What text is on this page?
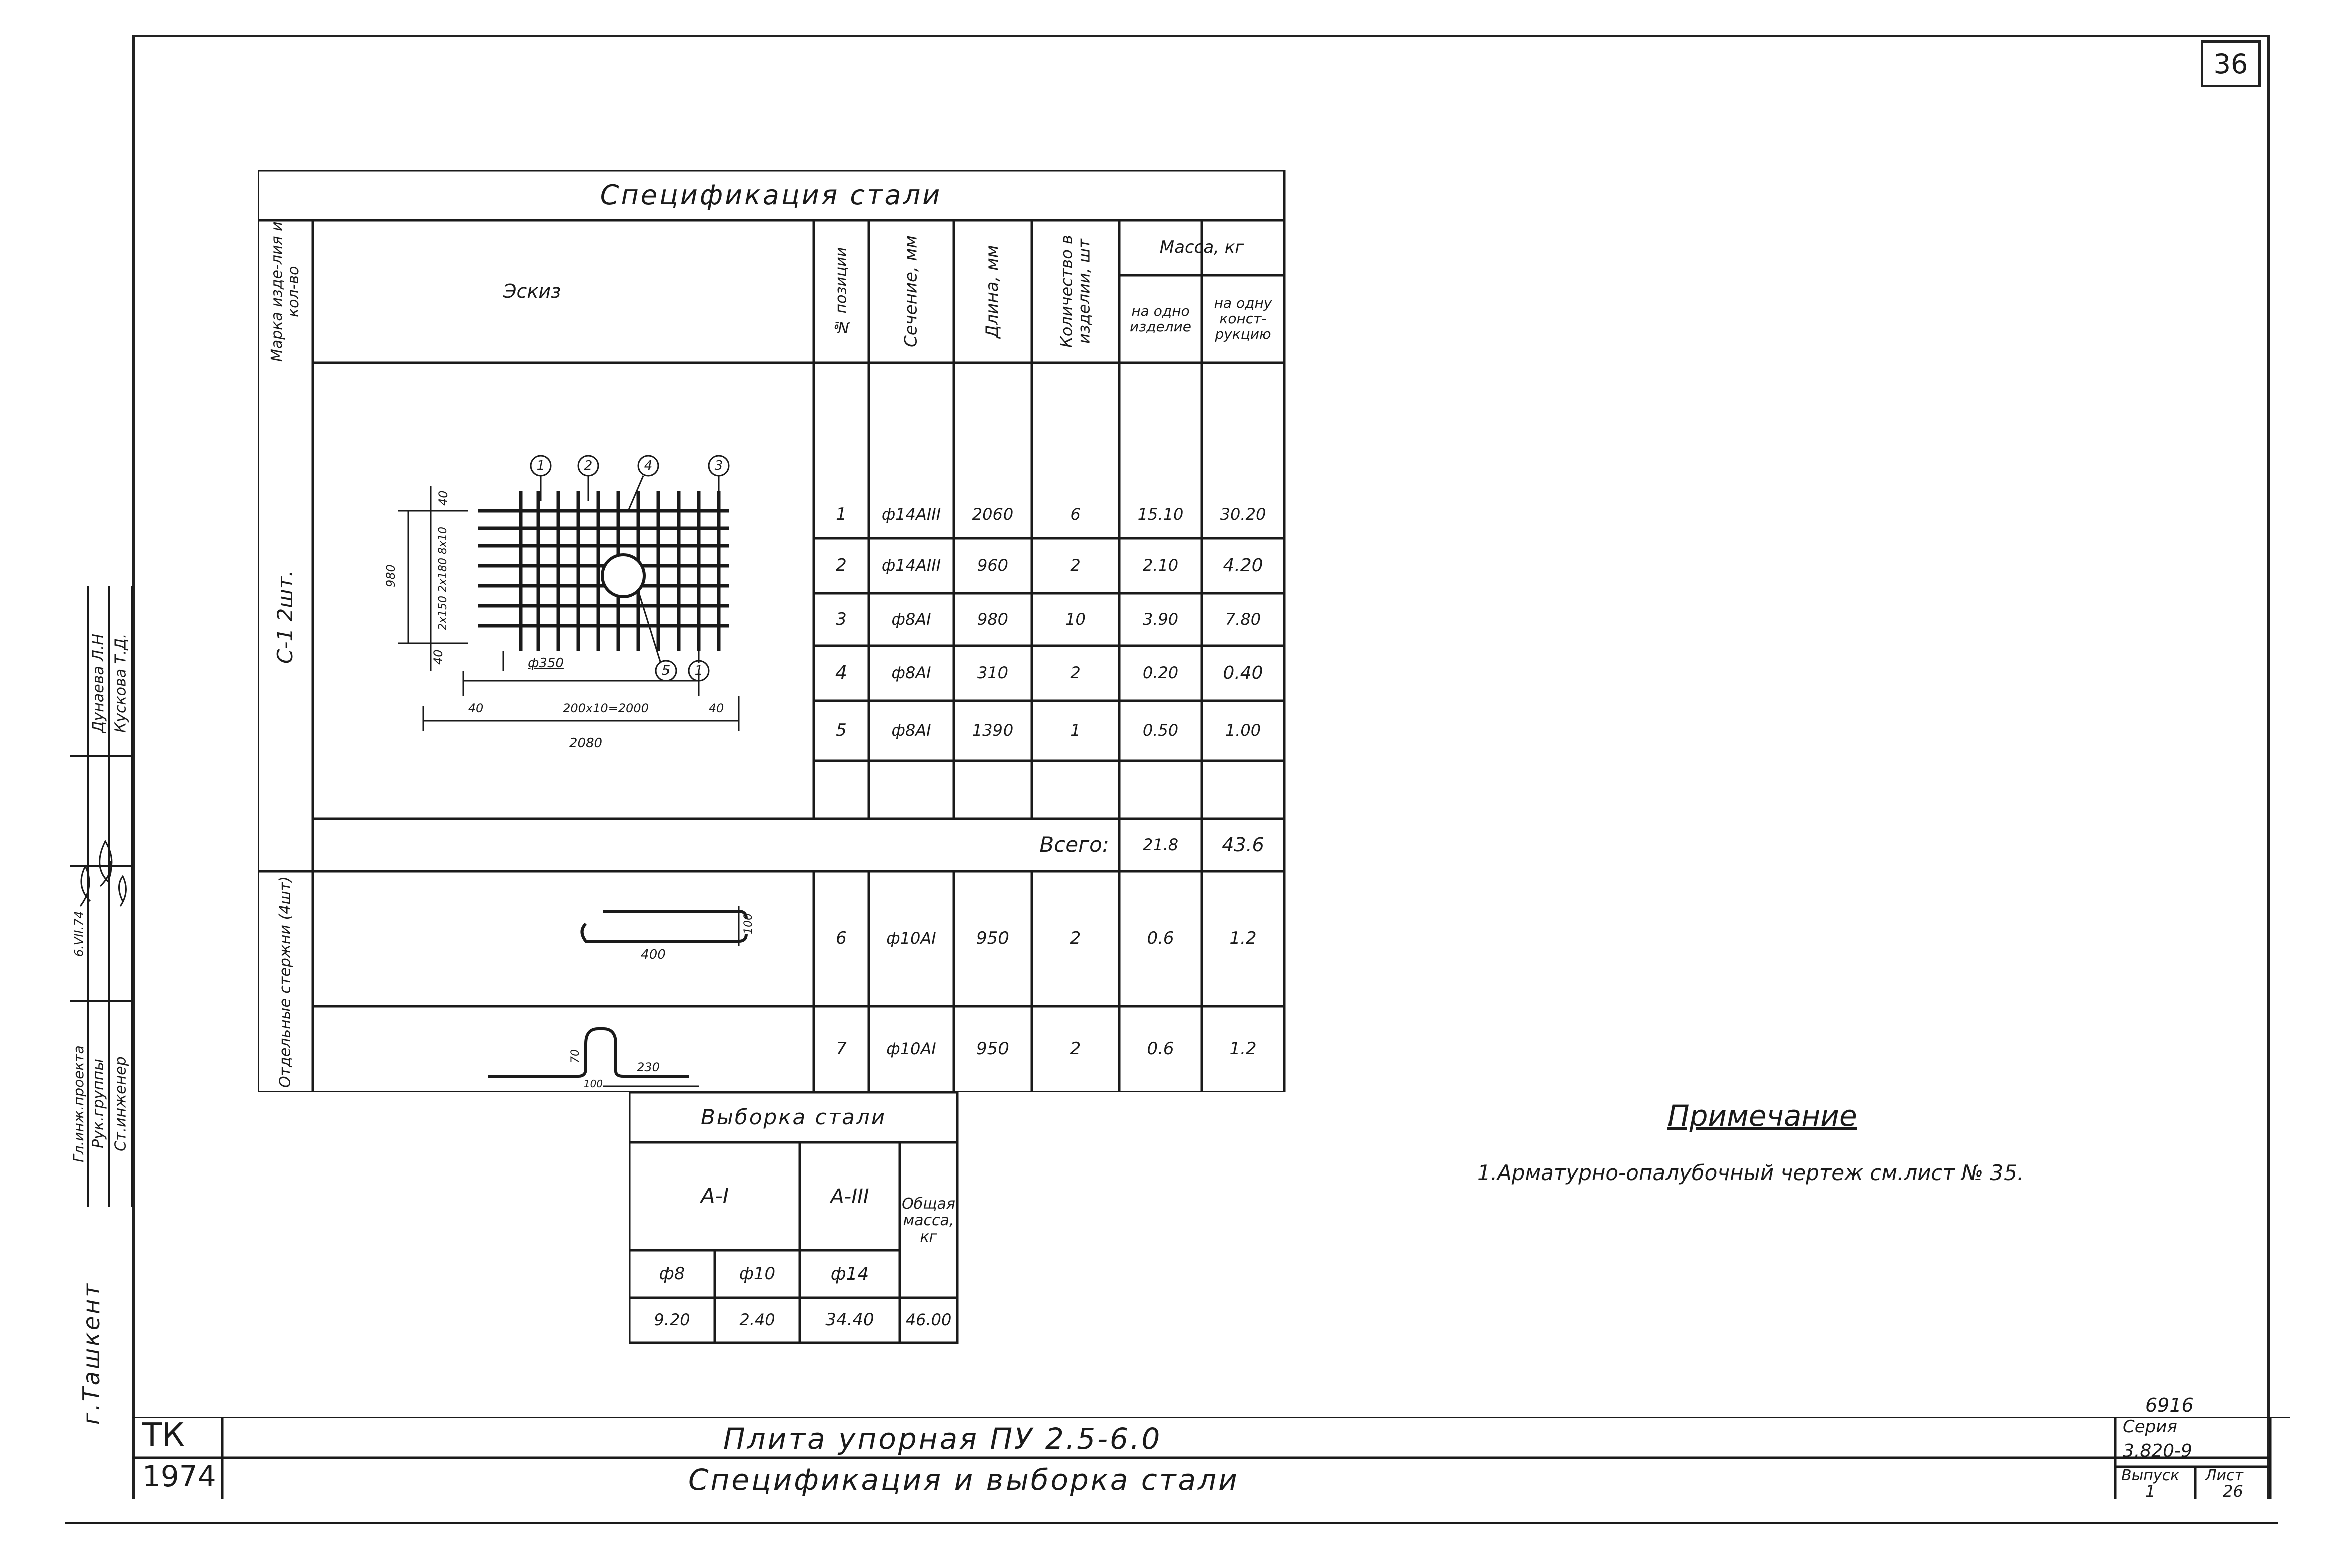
36
Спецификация стали
Марка изде-лия и кол-во	Эскиз	№ позиции	Сечение, мм	Длина, мм	Количество в изделии, шт	Масса, кг
на одно изделие
на одну конст-рукцию
С-1 2шт.
Отдельные стержни (4шт)
1	ф14АIII	2060	6	15.10	30.20
2	ф14АIII	960	2	2.10	4.20
3	ф8АI	980	10	3.90	7.80
4	ф8АI	310	2	0.20	0.40
5	ф8АI	1390	1	0.50	1.00
Всего:	21.8	43.6
6	ф10АI	950	2	0.6	1.2
7	ф10АI	950	2	0.6	1.2
1	2	4	3
5	1
40
980	2х150 2х180 8х10
40	ф350
40	40
200х10=2000
2080
400
100
70
100
230
Выборка стали
А-I	А-III	Общая масса, кг
ф8	ф10	ф14
9.20	2.40	34.40	46.00
Примечание
1.Арматурно-опалубочный чертеж см.лист № 35.
Гл.инж.проекта Рук.группы Ст.инженер
6.VII.74
Дунаева Л.Н Кускова Т.Д.
г.Ташкент
ТК
1974
Плита упорная ПУ 2.5-6.0
Спецификация и выборка стали
6916
Серия
3.820-9
Выпуск
1
Лист
26
